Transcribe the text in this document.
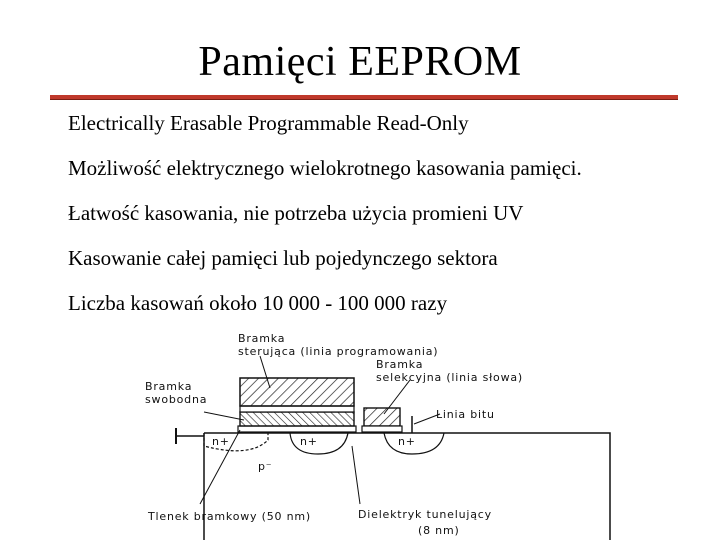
Pamięci EEPROM
Electrically Erasable Programmable Read-Only
Możliwość elektrycznego wielokrotnego kasowania pamięci.
Łatwość kasowania, nie potrzeba użycia promieni UV
Kasowanie całej pamięci lub pojedynczego sektora
Liczba kasowań około 10 000 - 100 000 razy
Bramka
sterująca (linia programowania)
Bramka
selekcyjna (linia słowa)
Bramka
swobodna
Linia bitu
n+	n+	n+
p⁻
Tlenek bramkowy (50 nm)	Dielektryk tunelujący
(8 nm)
